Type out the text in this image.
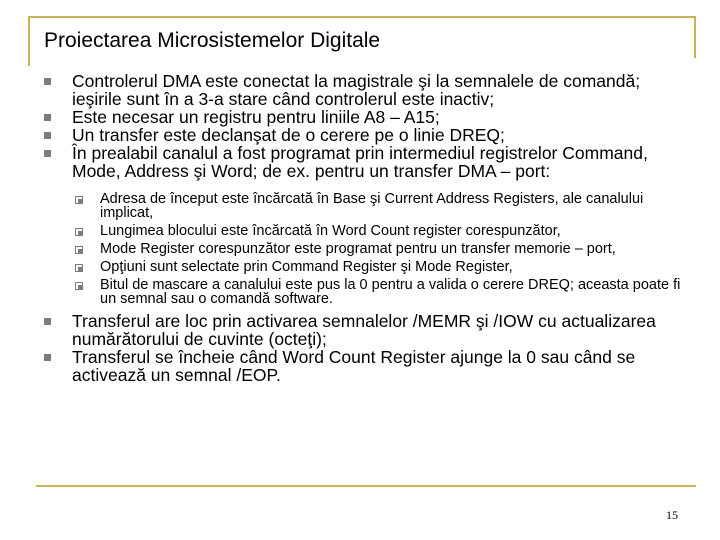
Proiectarea Microsistemelor Digitale
Controlerul DMA este conectat la magistrale şi la semnalele de comandă; ieşirile sunt în a 3-a stare când controlerul este inactiv;
Este necesar un registru pentru liniile A8 – A15;
Un transfer este declanşat de o cerere pe o linie DREQ;
În prealabil canalul a fost programat prin intermediul registrelor Command, Mode, Address şi Word; de ex. pentru un transfer DMA – port:
Adresa de început este încărcată în Base şi Current Address Registers, ale canalului implicat,
Lungimea blocului este încărcată în Word Count register corespunzător,
Mode Register corespunzător este programat pentru un transfer memorie – port,
Opţiuni sunt selectate prin Command Register şi Mode Register,
Bitul de mascare a canalului este pus la 0 pentru a valida o cerere DREQ; aceasta poate fi un semnal sau o comandă software.
Transferul are loc prin activarea semnalelor /MEMR şi /IOW cu actualizarea numărătorului de cuvinte (octeţi);
Transferul se încheie când Word Count Register ajunge la 0 sau când se activează un semnal /EOP.
15
